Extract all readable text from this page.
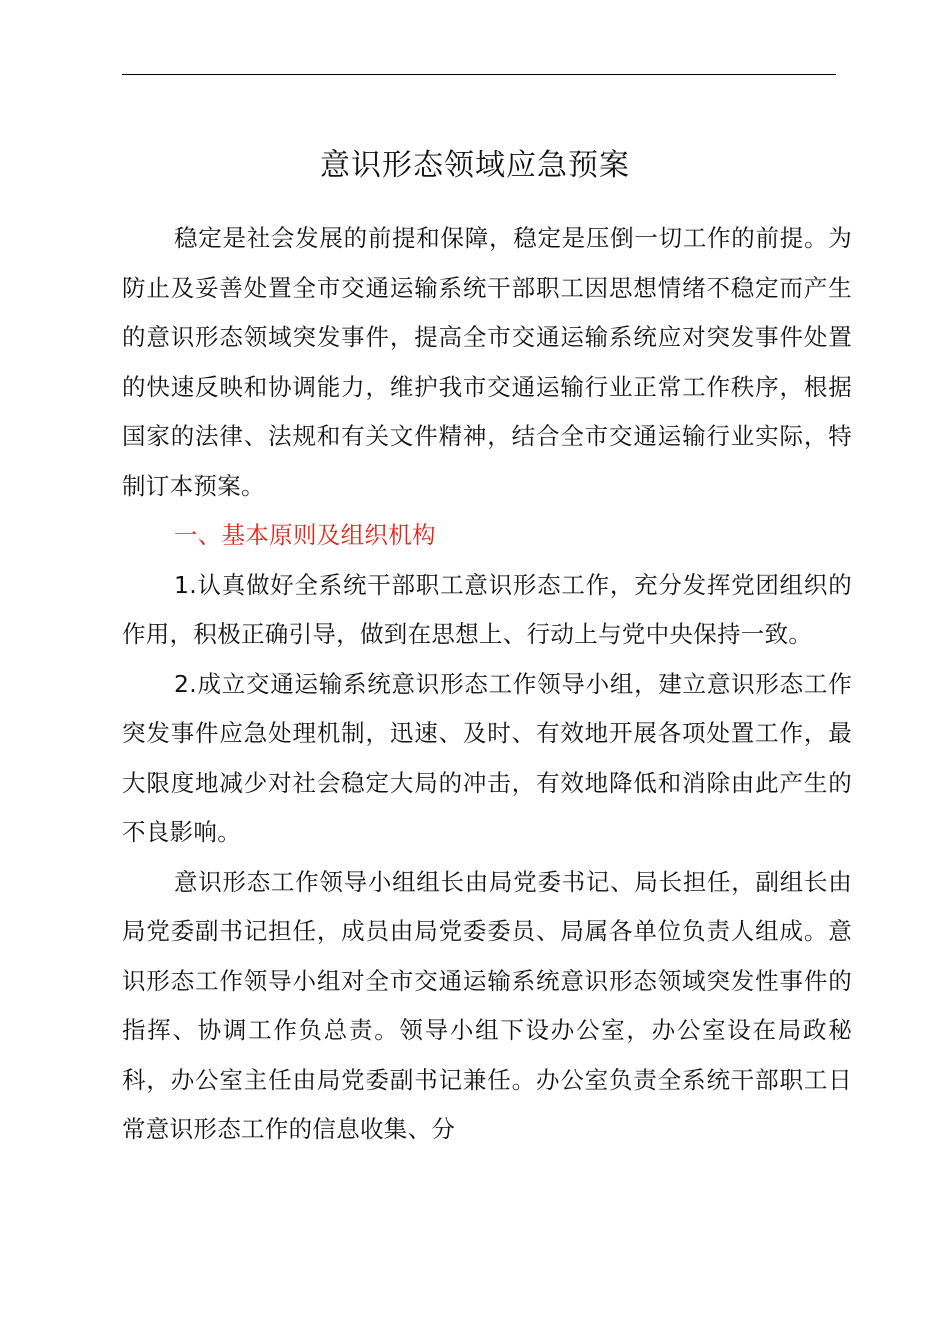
意识形态领域应急预案

稳定是社会发展的前提和保障，稳定是压倒一切工作的前提。为防止及妥善处置全市交通运输系统干部职工因思想情绪不稳定而产生的意识形态领域突发事件，提高全市交通运输系统应对突发事件处置的快速反映和协调能力，维护我市交通运输行业正常工作秩序，根据国家的法律、法规和有关文件精神，结合全市交通运输行业实际，特制订本预案。

一、基本原则及组织机构

1.认真做好全系统干部职工意识形态工作，充分发挥党团组织的作用，积极正确引导，做到在思想上、行动上与党中央保持一致。

2.成立交通运输系统意识形态工作领导小组，建立意识形态工作突发事件应急处理机制，迅速、及时、有效地开展各项处置工作，最大限度地减少对社会稳定大局的冲击，有效地降低和消除由此产生的不良影响。

意识形态工作领导小组组长由局党委书记、局长担任，副组长由局党委副书记担任，成员由局党委委员、局属各单位负责人组成。意识形态工作领导小组对全市交通运输系统意识形态领域突发性事件的指挥、协调工作负总责。领导小组下设办公室，办公室设在局政秘科，办公室主任由局党委副书记兼任。办公室负责全系统干部职工日常意识形态工作的信息收集、分
